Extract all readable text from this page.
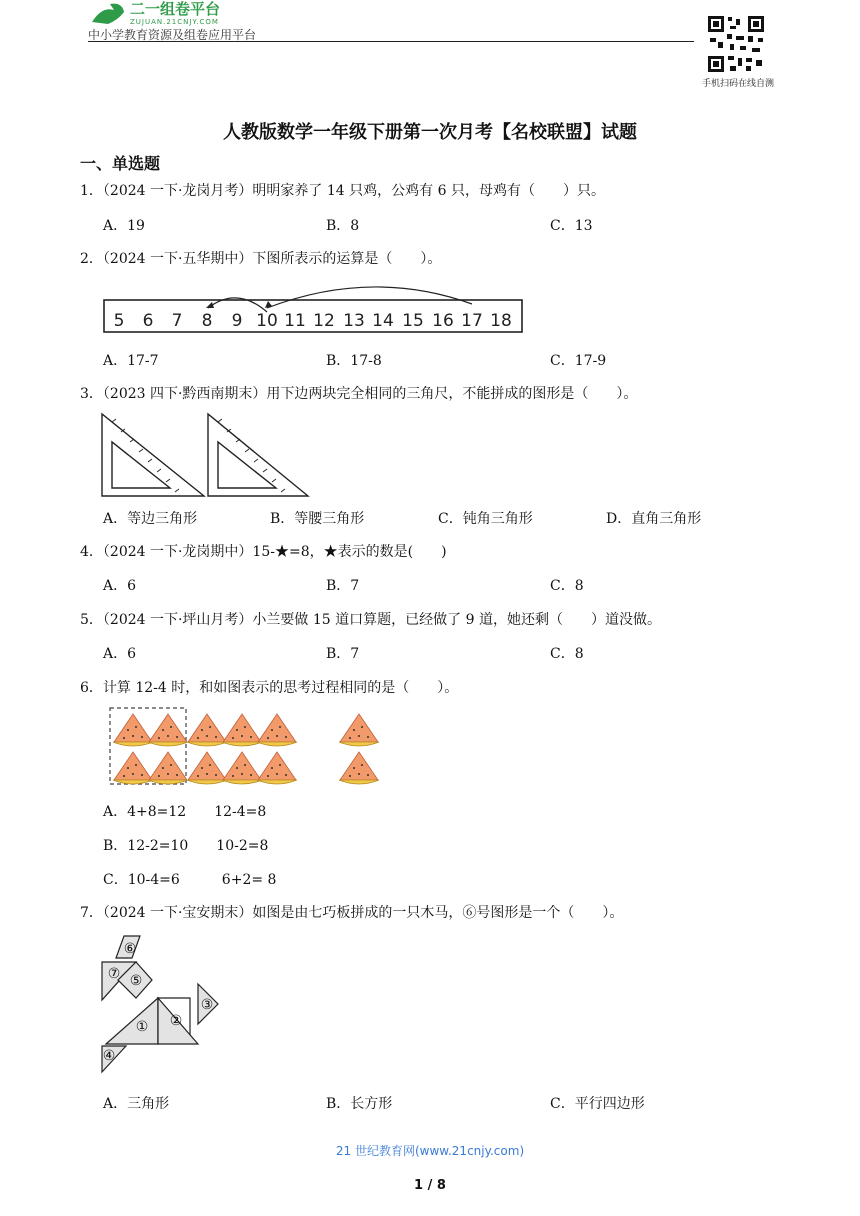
二一组卷平台
ZUJUAN.21CNJY.COM
中小学教育资源及组卷应用平台
手机扫码在线自测
人教版数学一年级下册第一次月考【名校联盟】试题
一、单选题
1．（2024 一下·龙岗月考）明明家养了 14 只鸡，公鸡有 6 只，母鸡有（　　）只。
A．19	B．8	C．13
2．（2024 一下·五华期中）下图所表示的运算是（　　）。
5 6 7 8 9 10 11 12 13 14 15 16 17 18
A．17-7	B．17-8	C．17-9
3．（2023 四下·黔西南期末）用下边两块完全相同的三角尺，不能拼成的图形是（　　）。
A．等边三角形	B．等腰三角形	C．钝角三角形	D．直角三角形
4．（2024 一下·龙岗期中）15-★=8，★表示的数是(　　)
A．6	B．7	C．8
5．（2024 一下·坪山月考）小兰要做 15 道口算题，已经做了 9 道，她还剩（　　）道没做。
A．6	B．7	C．8
6．计算 12-4 时，和如图表示的思考过程相同的是（　　）。
A．4+8=12　　12-4=8
B．12-2=10　　10-2=8
C．10-4=6　　　6+2= 8
7．（2024 一下·宝安期末）如图是由七巧板拼成的一只木马，⑥号图形是一个（　　）。
⑥
⑦ ⑤
① ②
③
④
A．三角形	B．长方形	C．平行四边形
21 世纪教育网(www.21cnjy.com)
1 / 8
